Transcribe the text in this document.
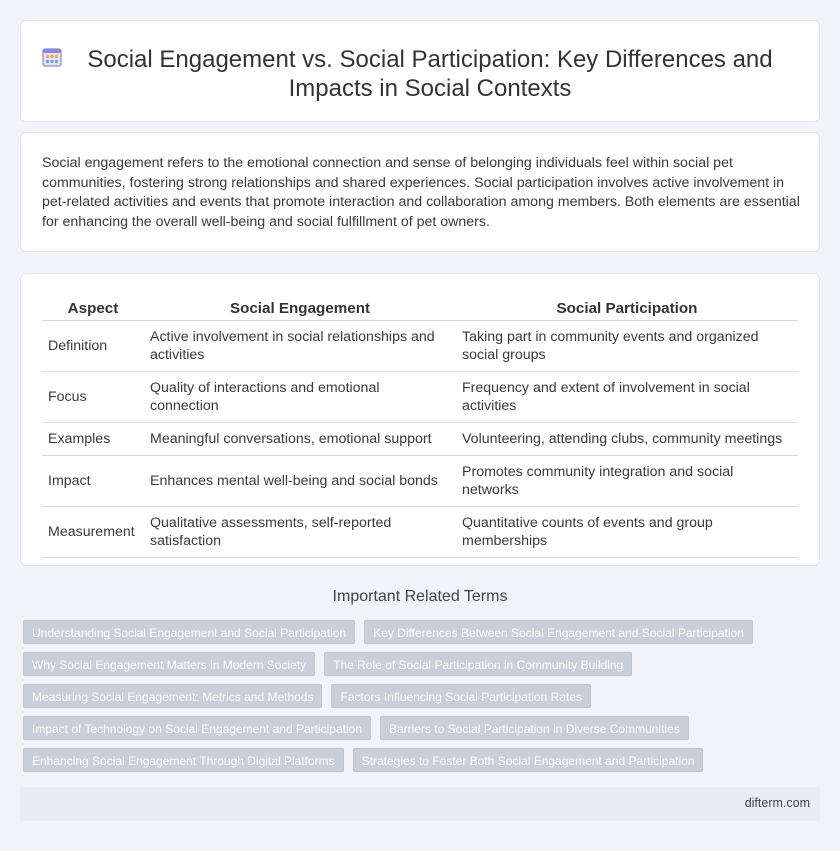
Social Engagement vs. Social Participation: Key Differences and Impacts in Social Contexts

Social engagement refers to the emotional connection and sense of belonging individuals feel within social pet communities, fostering strong relationships and shared experiences. Social participation involves active involvement in pet-related activities and events that promote interaction and collaboration among members. Both elements are essential for enhancing the overall well-being and social fulfillment of pet owners.

Aspect	Social Engagement	Social Participation
Definition	Active involvement in social relationships and activities	Taking part in community events and organized social groups
Focus	Quality of interactions and emotional connection	Frequency and extent of involvement in social activities
Examples	Meaningful conversations, emotional support	Volunteering, attending clubs, community meetings
Impact	Enhances mental well-being and social bonds	Promotes community integration and social networks
Measurement	Qualitative assessments, self-reported satisfaction	Quantitative counts of events and group memberships
Important Related Terms
Understanding Social Engagement and Social Participation	Key Differences Between Social Engagement and Social Participation
Why Social Engagement Matters in Modern Society	The Role of Social Participation in Community Building
Measuring Social Engagement: Metrics and Methods	Factors Influencing Social Participation Rates
Impact of Technology on Social Engagement and Participation	Barriers to Social Participation in Diverse Communities
Enhancing Social Engagement Through Digital Platforms	Strategies to Foster Both Social Engagement and Participation
difterm.com
